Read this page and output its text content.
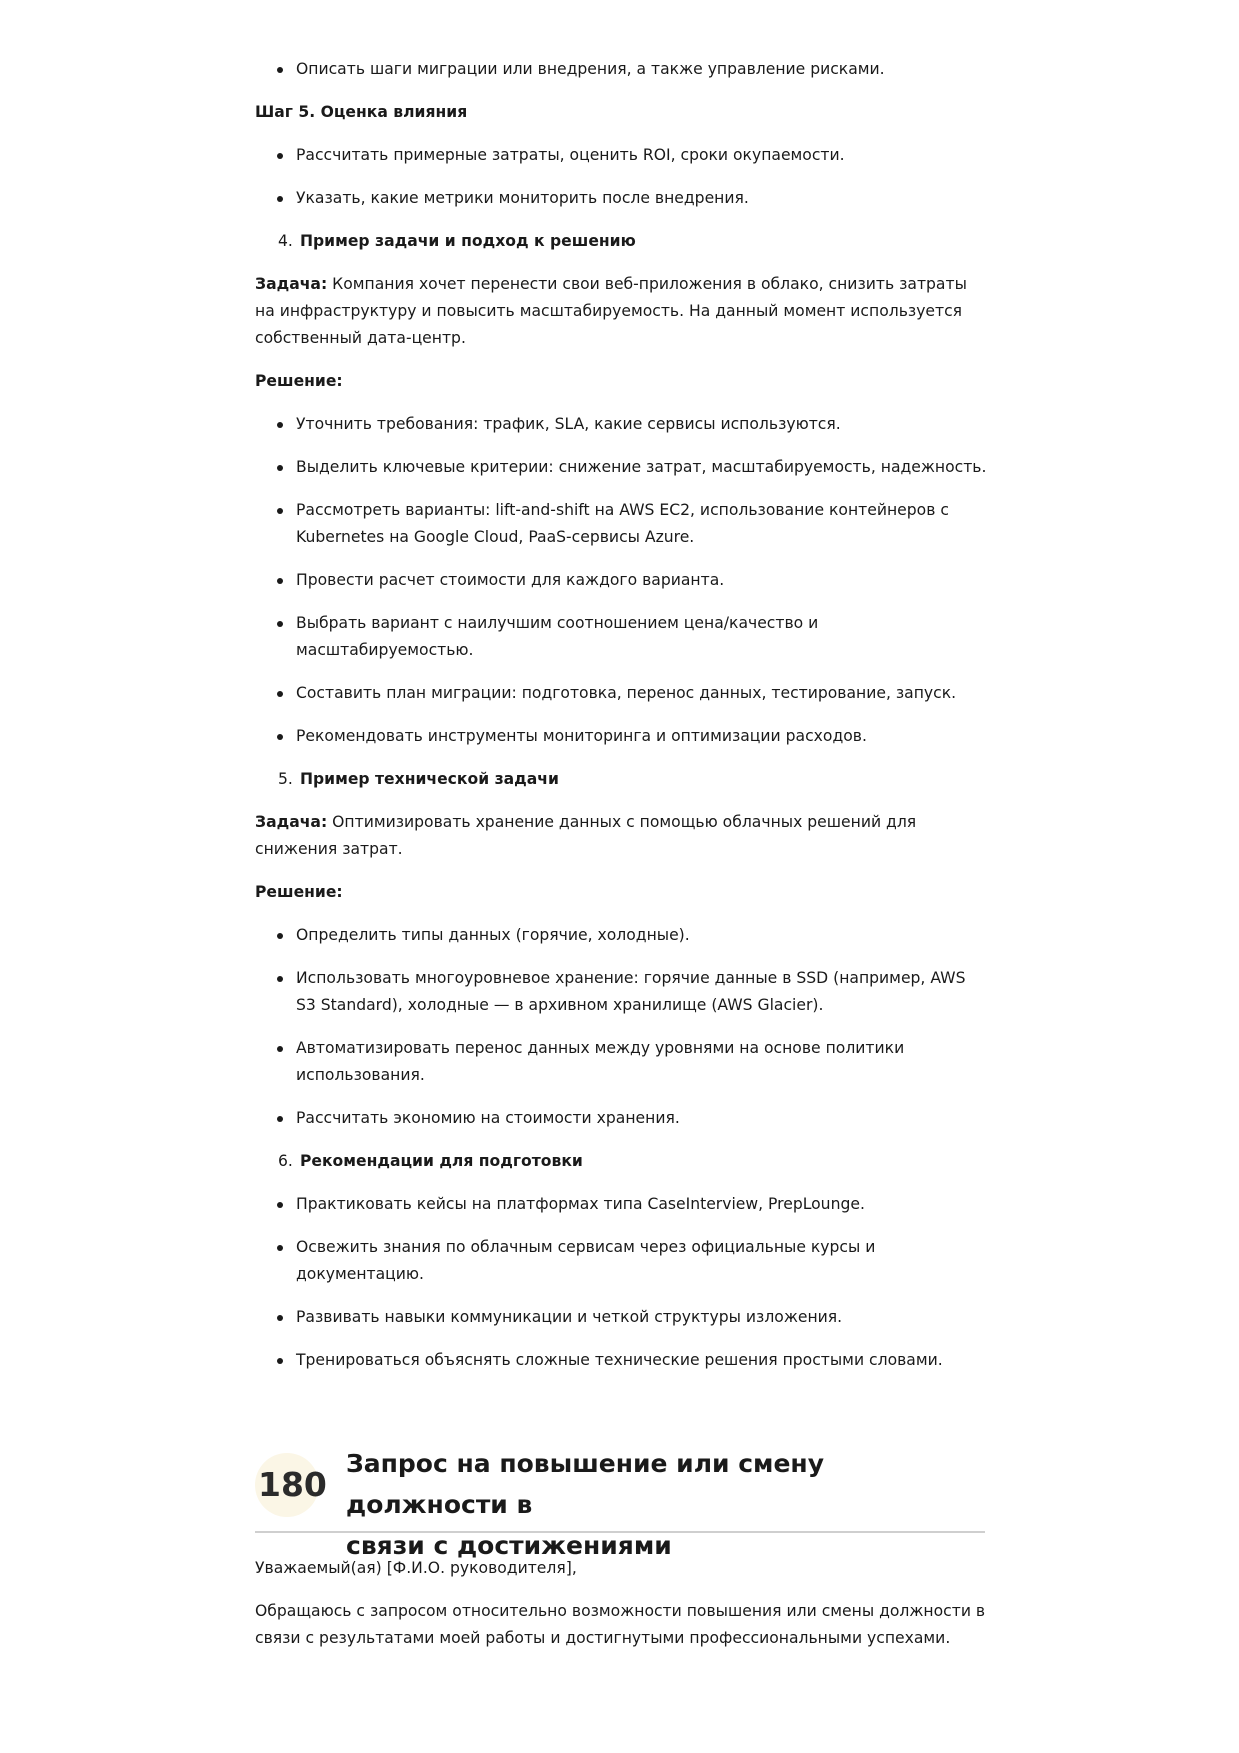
Описать шаги миграции или внедрения, а также управление рисками.

Шаг 5. Оценка влияния

Рассчитать примерные затраты, оценить ROI, сроки окупаемости.
Указать, какие метрики мониторить после внедрения.
4. Пример задачи и подход к решению

Задача: Компания хочет перенести свои веб-приложения в облако, снизить затраты на инфраструктуру и повысить масштабируемость. На данный момент используется собственный дата-центр.

Решение:

Уточнить требования: трафик, SLA, какие сервисы используются.
Выделить ключевые критерии: снижение затрат, масштабируемость, надежность.
Рассмотреть варианты: lift-and-shift на AWS EC2, использование контейнеров с Kubernetes на Google Cloud, PaaS-сервисы Azure.
Провести расчет стоимости для каждого варианта.
Выбрать вариант с наилучшим соотношением цена/качество и масштабируемостью.
Составить план миграции: подготовка, перенос данных, тестирование, запуск.
Рекомендовать инструменты мониторинга и оптимизации расходов.
5. Пример технической задачи

Задача: Оптимизировать хранение данных с помощью облачных решений для снижения затрат.

Решение:

Определить типы данных (горячие, холодные).
Использовать многоуровневое хранение: горячие данные в SSD (например, AWS S3 Standard), холодные — в архивном хранилище (AWS Glacier).
Автоматизировать перенос данных между уровнями на основе политики использования.
Рассчитать экономию на стоимости хранения.
6. Рекомендации для подготовки
Практиковать кейсы на платформах типа CaseInterview, PrepLounge.
Освежить знания по облачным сервисам через официальные курсы и документацию.
Развивать навыки коммуникации и четкой структуры изложения.
Тренироваться объяснять сложные технические решения простыми словами.
180
Запрос на повышение или смену должности в
связи с достижениями

Уважаемый(ая) [Ф.И.О. руководителя],

Обращаюсь с запросом относительно возможности повышения или смены должности в связи с результатами моей работы и достигнутыми профессиональными успехами.
